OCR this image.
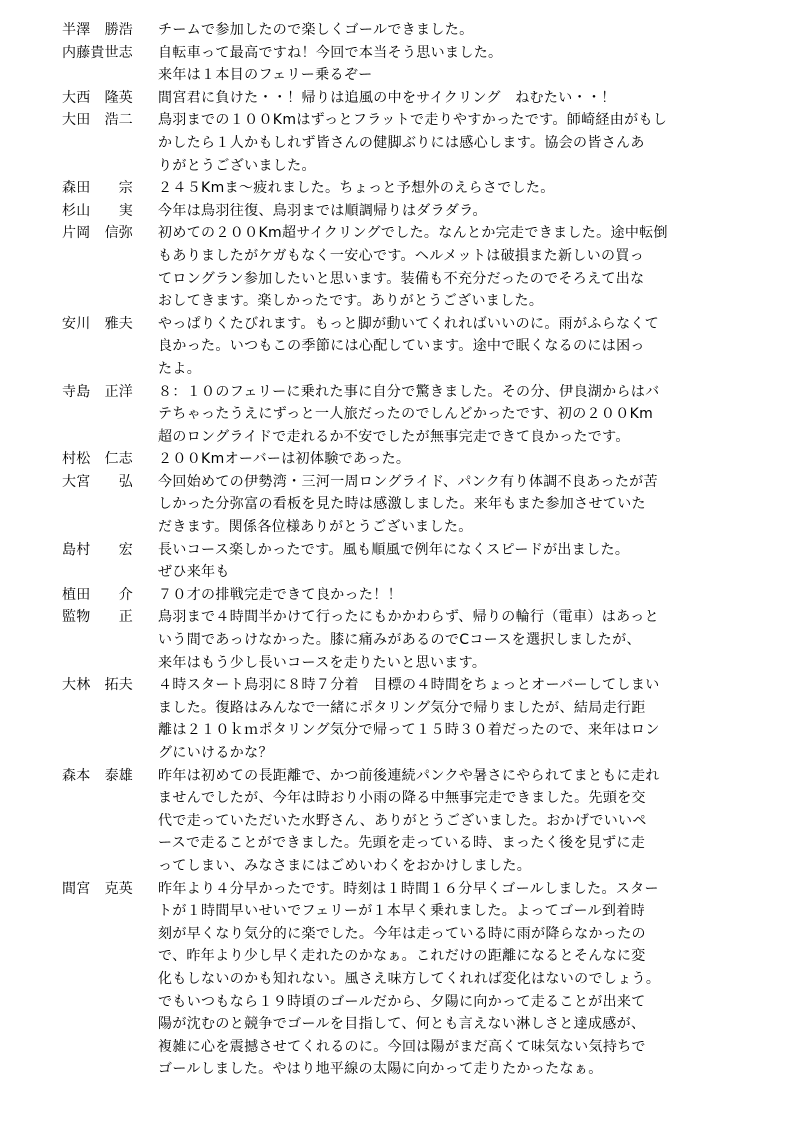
半澤　勝浩	チームで参加したので楽しくゴールできました。
内藤貴世志	自転車って最高ですね！今回で本当そう思いました。
来年は１本目のフェリー乗るぞー
大西　隆英	間宮君に負けた・・！帰りは追風の中をサイクリング　ねむたい・・！
大田　浩二	鳥羽までの１００Kmはずっとフラットで走りやすかったです。師崎経由がもし
かしたら１人かもしれず皆さんの健脚ぶりには感心します。協会の皆さんあ
りがとうございました。
森田　　宗	２４５Kmま～疲れました。ちょっと予想外のえらさでした。
杉山　　実	今年は鳥羽往復、鳥羽までは順調帰りはダラダラ。
片岡　信弥	初めての２００Km超サイクリングでした。なんとか完走できました。途中転倒
もありましたがケガもなく一安心です。ヘルメットは破損また新しいの買っ
てロングラン参加したいと思います。装備も不充分だったのでそろえて出な
おしてきます。楽しかったです。ありがとうございました。
安川　雅夫	やっぱりくたびれます。もっと脚が動いてくれればいいのに。雨がふらなくて
良かった。いつもこの季節には心配しています。途中で眠くなるのには困っ
たよ。
寺島　正洋	８：１０のフェリーに乗れた事に自分で驚きました。その分、伊良湖からはバ
テちゃったうえにずっと一人旅だったのでしんどかったです、初の２００Km
超のロングライドで走れるか不安でしたが無事完走できて良かったです。
村松　仁志	２００Kmオーバーは初体験であった。
大宮　　弘	今回始めての伊勢湾・三河一周ロングライド、パンク有り体調不良あったが苦
しかった分弥富の看板を見た時は感激しました。来年もまた参加させていた
だきます。関係各位様ありがとうございました。
島村　　宏	長いコース楽しかったです。風も順風で例年になくスピードが出ました。
ぜひ来年も
植田　　介	７０才の排戦完走できて良かった！！
監物　　正	鳥羽まで４時間半かけて行ったにもかかわらず、帰りの輪行（電車）はあっと
いう間であっけなかった。膝に痛みがあるのでCコースを選択しましたが、
来年はもう少し長いコースを走りたいと思います。
大林　拓夫	４時スタート鳥羽に８時７分着　目標の４時間をちょっとオーバーしてしまい
ました。復路はみんなで一緒にポタリング気分で帰りましたが、結局走行距
離は２１０ｋｍポタリング気分で帰って１５時３０着だったので、来年はロン
グにいけるかな？
森本　泰雄	昨年は初めての長距離で、かつ前後連続パンクや暑さにやられてまともに走れ
ませんでしたが、今年は時おり小雨の降る中無事完走できました。先頭を交
代で走っていただいた水野さん、ありがとうございました。おかげでいいペ
ースで走ることができました。先頭を走っている時、まったく後を見ずに走
ってしまい、みなさまにはごめいわくをおかけしました。
間宮　克英	昨年より４分早かったです。時刻は１時間１６分早くゴールしました。スター
トが１時間早いせいでフェリーが１本早く乗れました。よってゴール到着時
刻が早くなり気分的に楽でした。今年は走っている時に雨が降らなかったの
で、昨年より少し早く走れたのかなぁ。これだけの距離になるとそんなに変
化もしないのかも知れない。風さえ味方してくれれば変化はないのでしょう。
でもいつもなら１９時頃のゴールだから、夕陽に向かって走ることが出来て
陽が沈むのと競争でゴールを目指して、何とも言えない淋しさと達成感が、
複雑に心を震撼させてくれるのに。今回は陽がまだ高くて味気ない気持ちで
ゴールしました。やはり地平線の太陽に向かって走りたかったなぁ。
